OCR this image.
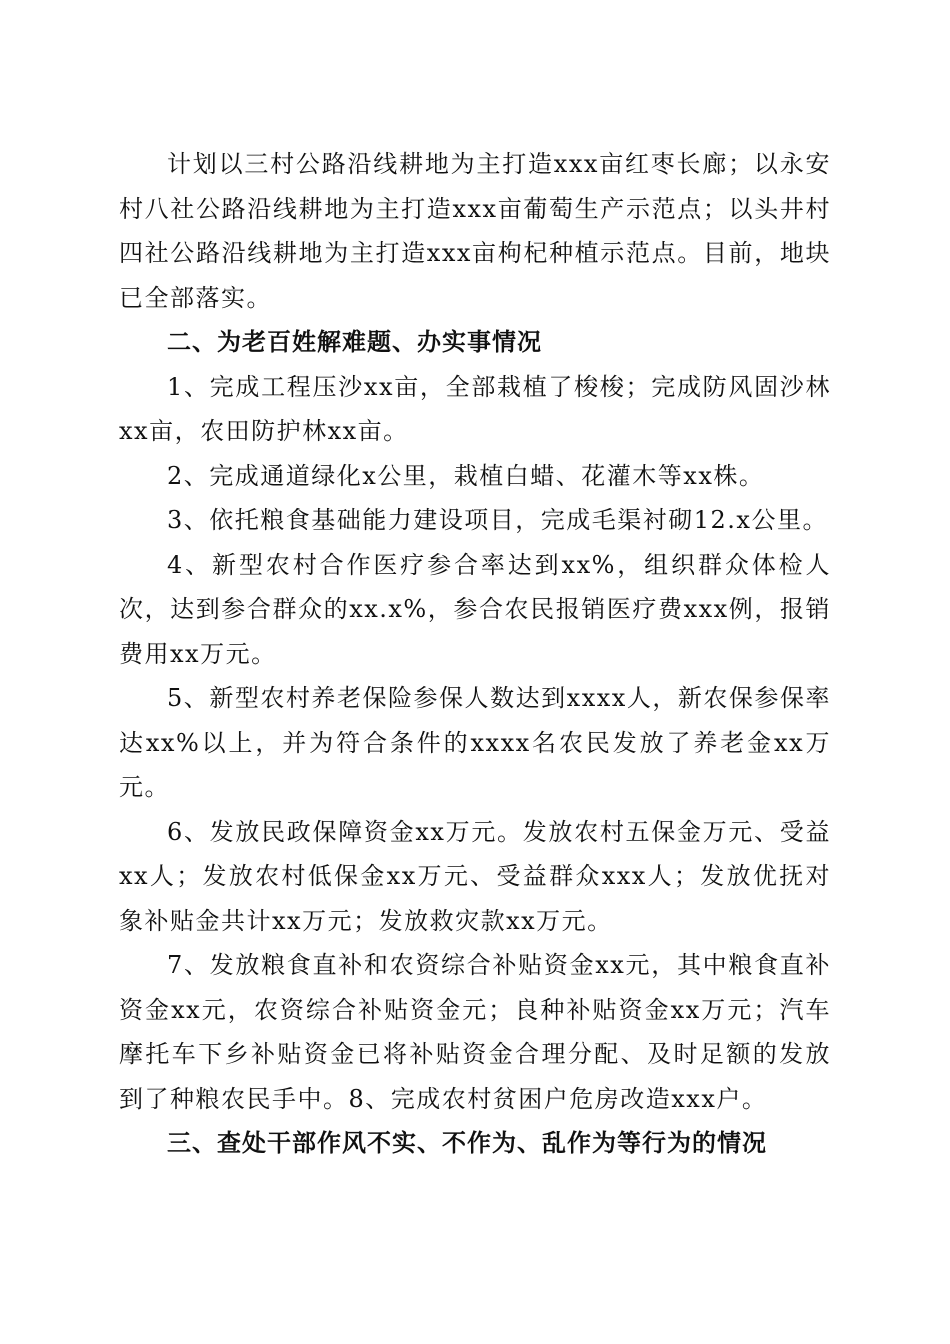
计划以三村公路沿线耕地为主打造xxx亩红枣长廊；以永安村八社公路沿线耕地为主打造xxx亩葡萄生产示范点；以头井村四社公路沿线耕地为主打造xxx亩枸杞种植示范点。目前，地块已全部落实。

二、为老百姓解难题、办实事情况

1、完成工程压沙xx亩，全部栽植了梭梭；完成防风固沙林xx亩，农田防护林xx亩。

2、完成通道绿化x公里，栽植白蜡、花灌木等xx株。

3、依托粮食基础能力建设项目，完成毛渠衬砌12.x公里。

4、新型农村合作医疗参合率达到xx%，组织群众体检人次，达到参合群众的xx.x%，参合农民报销医疗费xxx例，报销费用xx万元。

5、新型农村养老保险参保人数达到xxxx人，新农保参保率达xx%以上，并为符合条件的xxxx名农民发放了养老金xx万元。

6、发放民政保障资金xx万元。发放农村五保金万元、受益xx人；发放农村低保金xx万元、受益群众xxx人；发放优抚对象补贴金共计xx万元；发放救灾款xx万元。

7、发放粮食直补和农资综合补贴资金xx元，其中粮食直补资金xx元，农资综合补贴资金元；良种补贴资金xx万元；汽车摩托车下乡补贴资金已将补贴资金合理分配、及时足额的发放到了种粮农民手中。8、完成农村贫困户危房改造xxx户。

三、查处干部作风不实、不作为、乱作为等行为的情况
